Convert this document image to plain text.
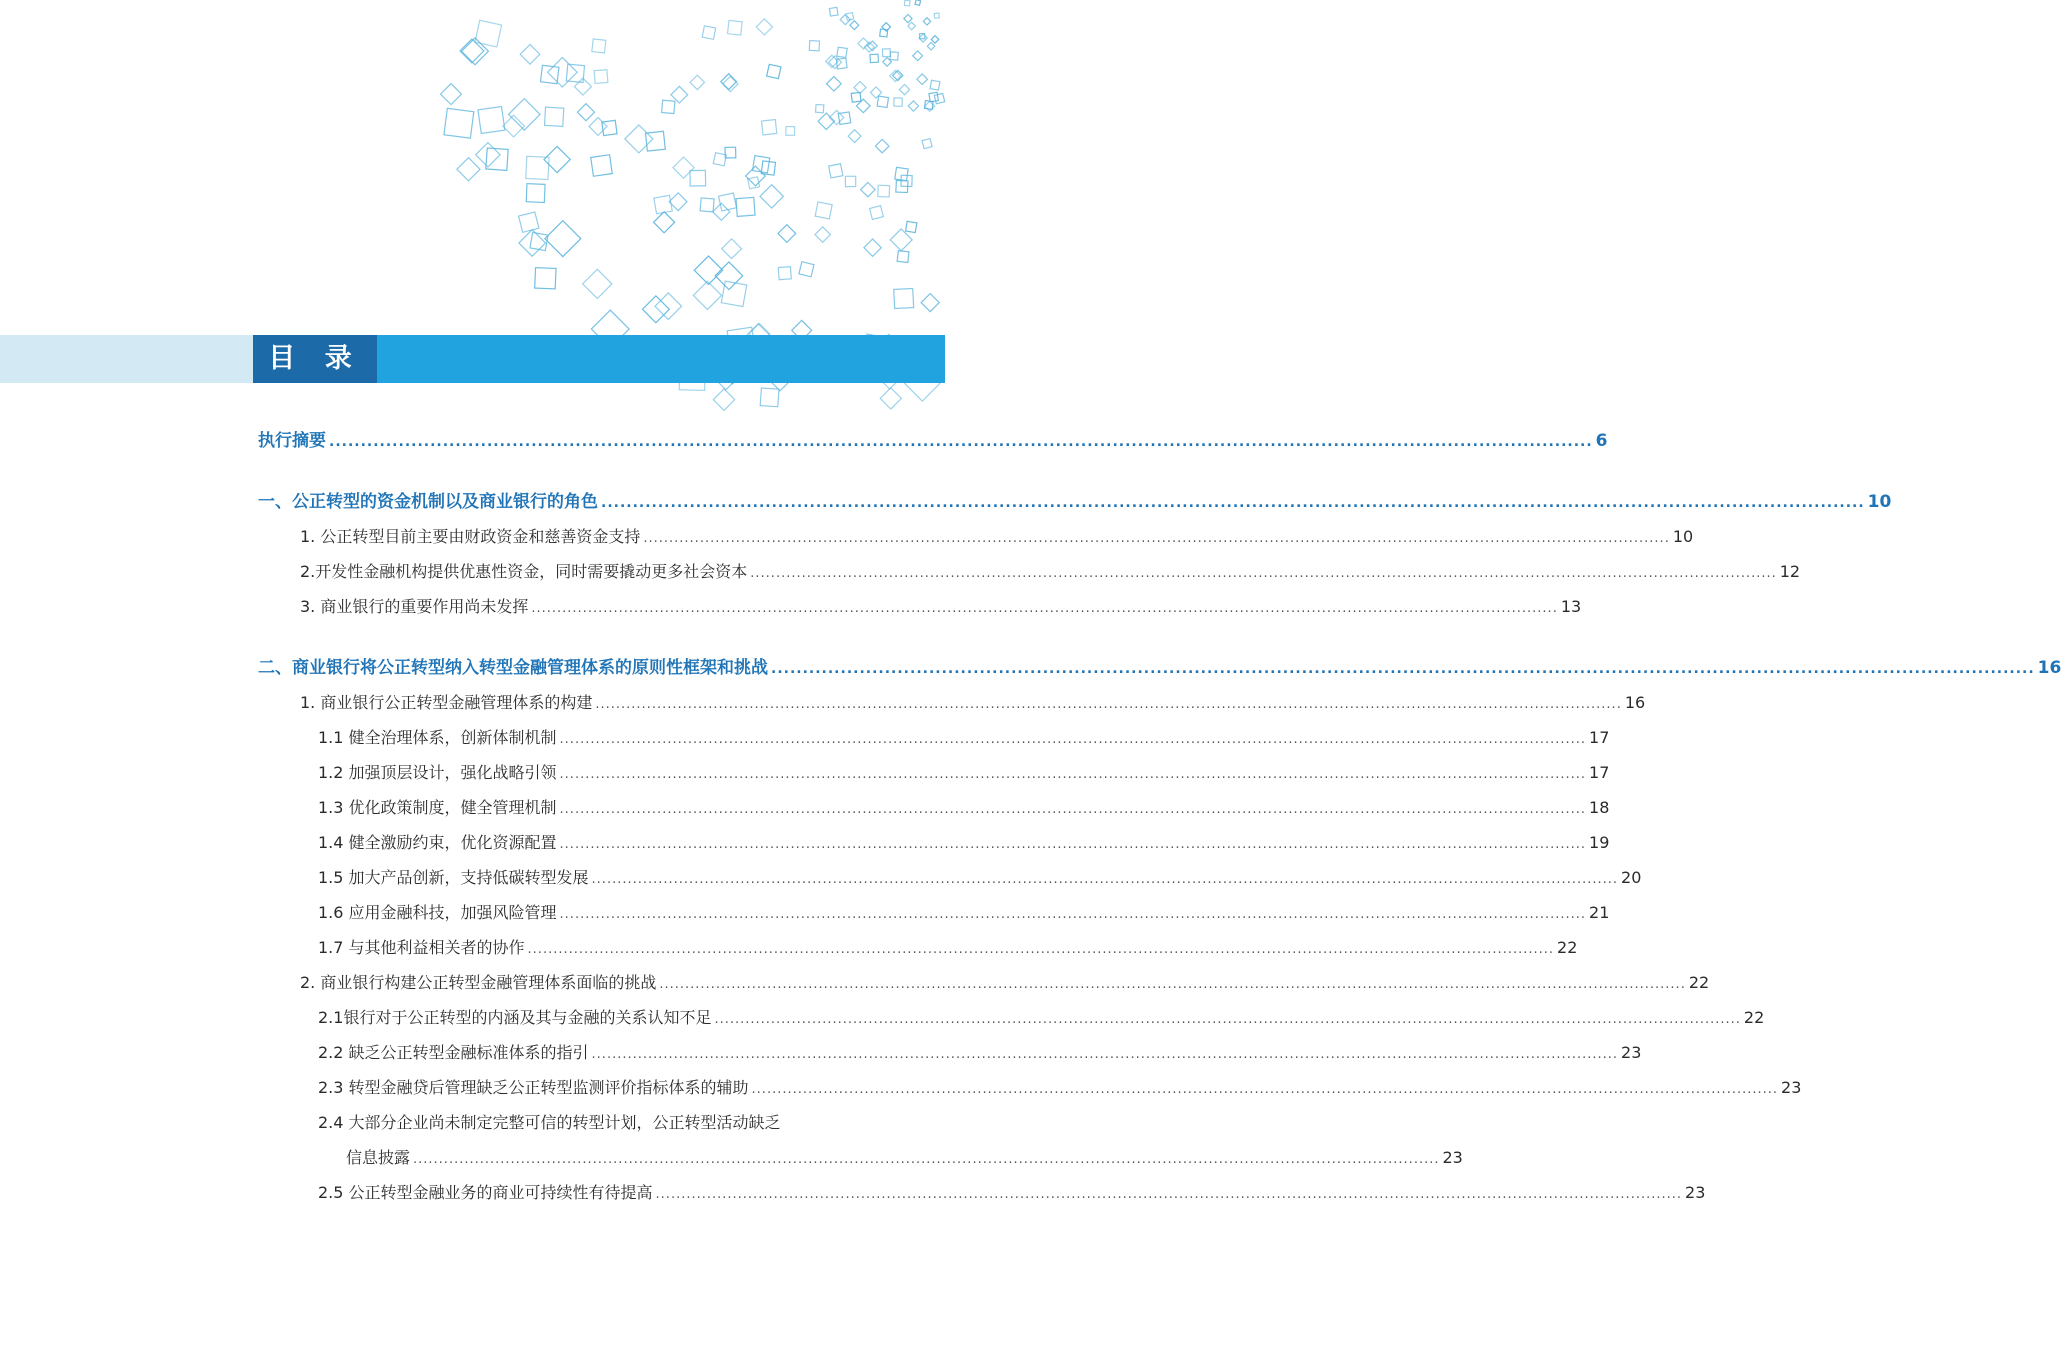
目 录
执行摘要 ........................................................................................................................................................................................................ 6
一、公正转型的资金机制以及商业银行的角色 ........................................................................................................................................................................................................ 10
1. 公正转型目前主要由财政资金和慈善资金支持 ........................................................................................................................................................................................................ 10
2.开发性金融机构提供优惠性资金，同时需要撬动更多社会资本 ........................................................................................................................................................................................................ 12
3. 商业银行的重要作用尚未发挥 ........................................................................................................................................................................................................ 13
二、商业银行将公正转型纳入转型金融管理体系的原则性框架和挑战 ........................................................................................................................................................................................................ 16
1. 商业银行公正转型金融管理体系的构建 ........................................................................................................................................................................................................ 16
1.1 健全治理体系，创新体制机制 ........................................................................................................................................................................................................ 17
1.2 加强顶层设计，强化战略引领 ........................................................................................................................................................................................................ 17
1.3 优化政策制度，健全管理机制 ........................................................................................................................................................................................................ 18
1.4 健全激励约束，优化资源配置 ........................................................................................................................................................................................................ 19
1.5 加大产品创新，支持低碳转型发展 ........................................................................................................................................................................................................ 20
1.6 应用金融科技，加强风险管理 ........................................................................................................................................................................................................ 21
1.7 与其他利益相关者的协作 ........................................................................................................................................................................................................ 22
2. 商业银行构建公正转型金融管理体系面临的挑战 ........................................................................................................................................................................................................ 22
2.1银行对于公正转型的内涵及其与金融的关系认知不足 ........................................................................................................................................................................................................ 22
2.2 缺乏公正转型金融标准体系的指引 ........................................................................................................................................................................................................ 23
2.3 转型金融贷后管理缺乏公正转型监测评价指标体系的辅助 ........................................................................................................................................................................................................ 23
2.4 大部分企业尚未制定完整可信的转型计划，公正转型活动缺乏
信息披露 ........................................................................................................................................................................................................ 23
2.5 公正转型金融业务的商业可持续性有待提高 ........................................................................................................................................................................................................ 23
